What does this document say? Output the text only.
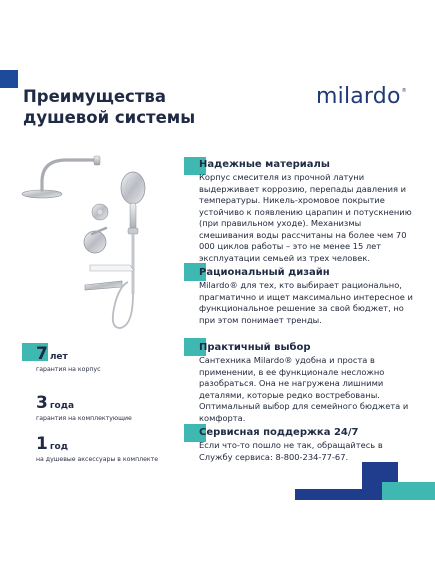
Преимущества
душевой системы
milardo®
Надежные материалы
Корпус смесителя из прочной латуни выдерживает коррозию, перепады давления и температуры. Никель-хромовое покрытие устойчиво к появлению царапин и потускнению (при правильном уходе). Механизмы смешивания воды рассчитаны на более чем 70 000 циклов работы – это не менее 15 лет эксплуатации семьей из трех человек.
Рациональный дизайн
Milardo® для тех, кто выбирает рационально, прагматично и ищет максимально интересное и функциональное решение за свой бюджет, но при этом понимает тренды.
Практичный выбор
Сантехника Milardo® удобна и проста в применении, в ее функционале несложно разобраться. Она не нагружена лишними деталями, которые редко востребованы. Оптимальный выбор для семейного бюджета и комфорта.
Сервисная поддержка 24/7
Если что-то пошло не так, обращайтесь в Службу сервиса: 8-800-234-77-67.
7 лет
гарантия на корпус
3 года
гарантия на комплектующие
1 год
на душевые аксессуары в комплекте
